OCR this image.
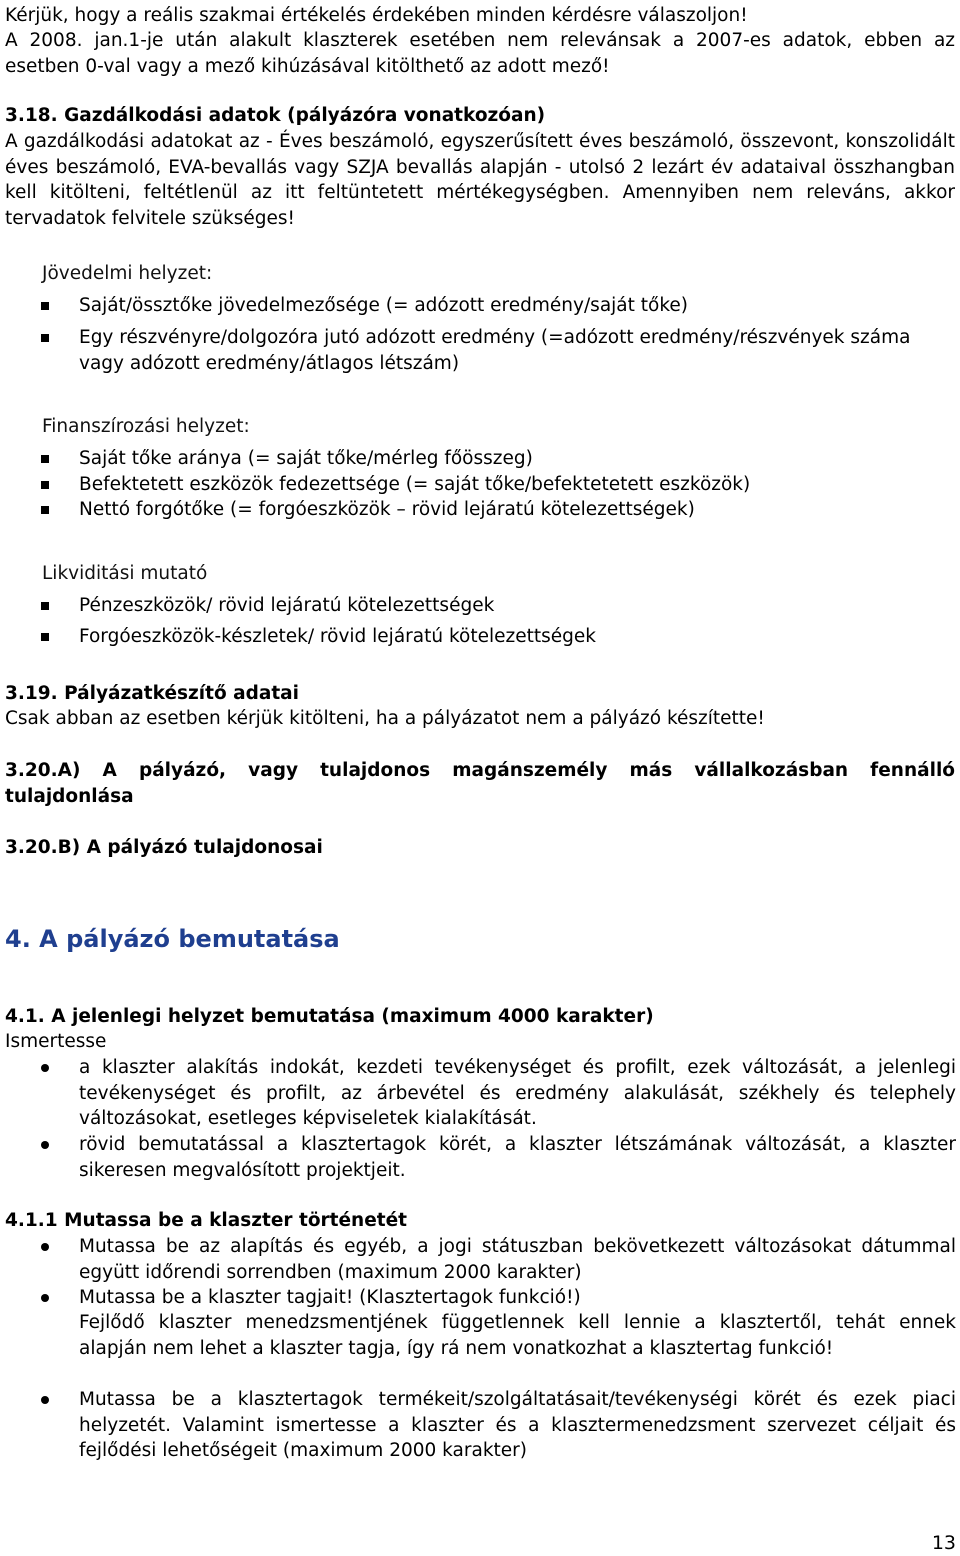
Kérjük, hogy a reális szakmai értékelés érdekében minden kérdésre válaszoljon!

A 2008. jan.1-je után alakult klaszterek esetében nem relevánsak a 2007-es adatok, ebben az esetben 0-val vagy a mező kihúzásával kitölthető az adott mező!

3.18. Gazdálkodási adatok (pályázóra vonatkozóan)

A gazdálkodási adatokat az - Éves beszámoló, egyszerűsített éves beszámoló, összevont, konszolidált éves beszámoló, EVA-bevallás vagy SZJA bevallás alapján - utolsó 2 lezárt év adataival összhangban kell kitölteni, feltétlenül az itt feltüntetett mértékegységben. Amennyiben nem releváns, akkor tervadatok felvitele szükséges!

Jövedelmi helyzet:

Saját/össztőke jövedelmezősége (= adózott eredmény/saját tőke)

Egy részvényre/dolgozóra jutó adózott eredmény (=adózott eredmény/részvények száma vagy adózott eredmény/átlagos létszám)

Finanszírozási helyzet:

Saját tőke aránya (= saját tőke/mérleg főösszeg)

Befektetett eszközök fedezettsége (= saját tőke/befektetetett eszközök)

Nettó forgótőke (= forgóeszközök – rövid lejáratú kötelezettségek)

Likviditási mutató

Pénzeszközök/ rövid lejáratú kötelezettségek

Forgóeszközök-készletek/ rövid lejáratú kötelezettségek

3.19. Pályázatkészítő adatai

Csak abban az esetben kérjük kitölteni, ha a pályázatot nem a pályázó készítette!

3.20.A) A pályázó, vagy tulajdonos magánszemély más vállalkozásban fennálló tulajdonlása

3.20.B) A pályázó tulajdonosai

4. A pályázó bemutatása

4.1. A jelenlegi helyzet bemutatása (maximum 4000 karakter)

Ismertesse

a klaszter alakítás indokát, kezdeti tevékenységet és profilt, ezek változását, a jelenlegi tevékenységet és profilt, az árbevétel és eredmény alakulását, székhely és telephely változásokat, esetleges képviseletek kialakítását.

rövid bemutatással a klasztertagok körét, a klaszter létszámának változását, a klaszter sikeresen megvalósított projektjeit.

4.1.1 Mutassa be a klaszter történetét

Mutassa be az alapítás és egyéb, a jogi státuszban bekövetkezett változásokat dátummal együtt időrendi sorrendben (maximum 2000 karakter)

Mutassa be a klaszter tagjait! (Klasztertagok funkció!)

Fejlődő klaszter menedzsmentjének függetlennek kell lennie a klasztertől, tehát ennek alapján nem lehet a klaszter tagja, így rá nem vonatkozhat a klasztertag funkció!

Mutassa be a klasztertagok termékeit/szolgáltatásait/tevékenységi körét és ezek piaci helyzetét. Valamint ismertesse a klaszter és a klasztermenedzsment szervezet céljait és fejlődési lehetőségeit (maximum 2000 karakter)

13
